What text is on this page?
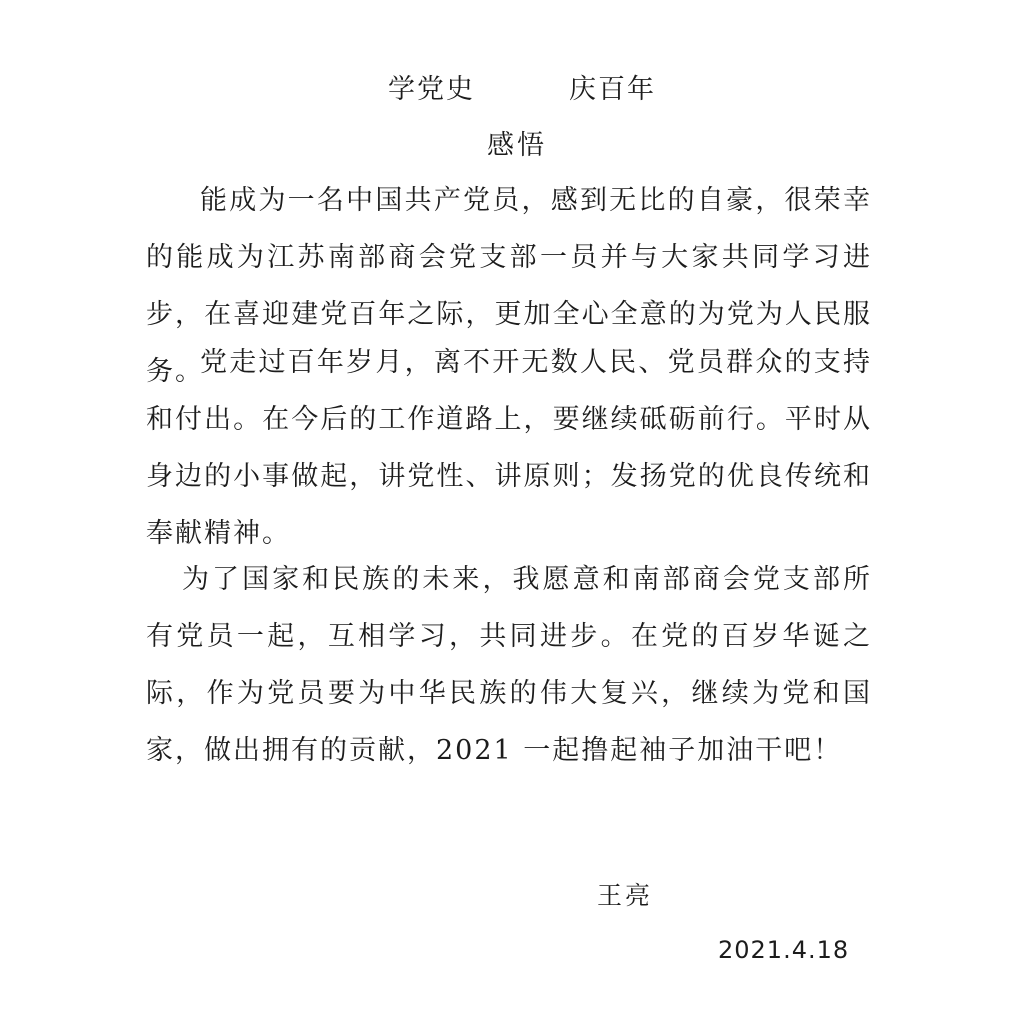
学党史	庆百年
感悟

能成为一名中国共产党员，感到无比的自豪，很荣幸的能成为江苏南部商会党支部一员并与大家共同学习进步，在喜迎建党百年之际，更加全心全意的为党为人民服务。

党走过百年岁月，离不开无数人民、党员群众的支持和付出。在今后的工作道路上，要继续砥砺前行。平时从身边的小事做起，讲党性、讲原则；发扬党的优良传统和奉献精神。

为了国家和民族的未来，我愿意和南部商会党支部所有党员一起，互相学习，共同进步。在党的百岁华诞之际，作为党员要为中华民族的伟大复兴，继续为党和国家，做出拥有的贡献，2021 一起撸起袖子加油干吧！

王亮
2021.4.18
